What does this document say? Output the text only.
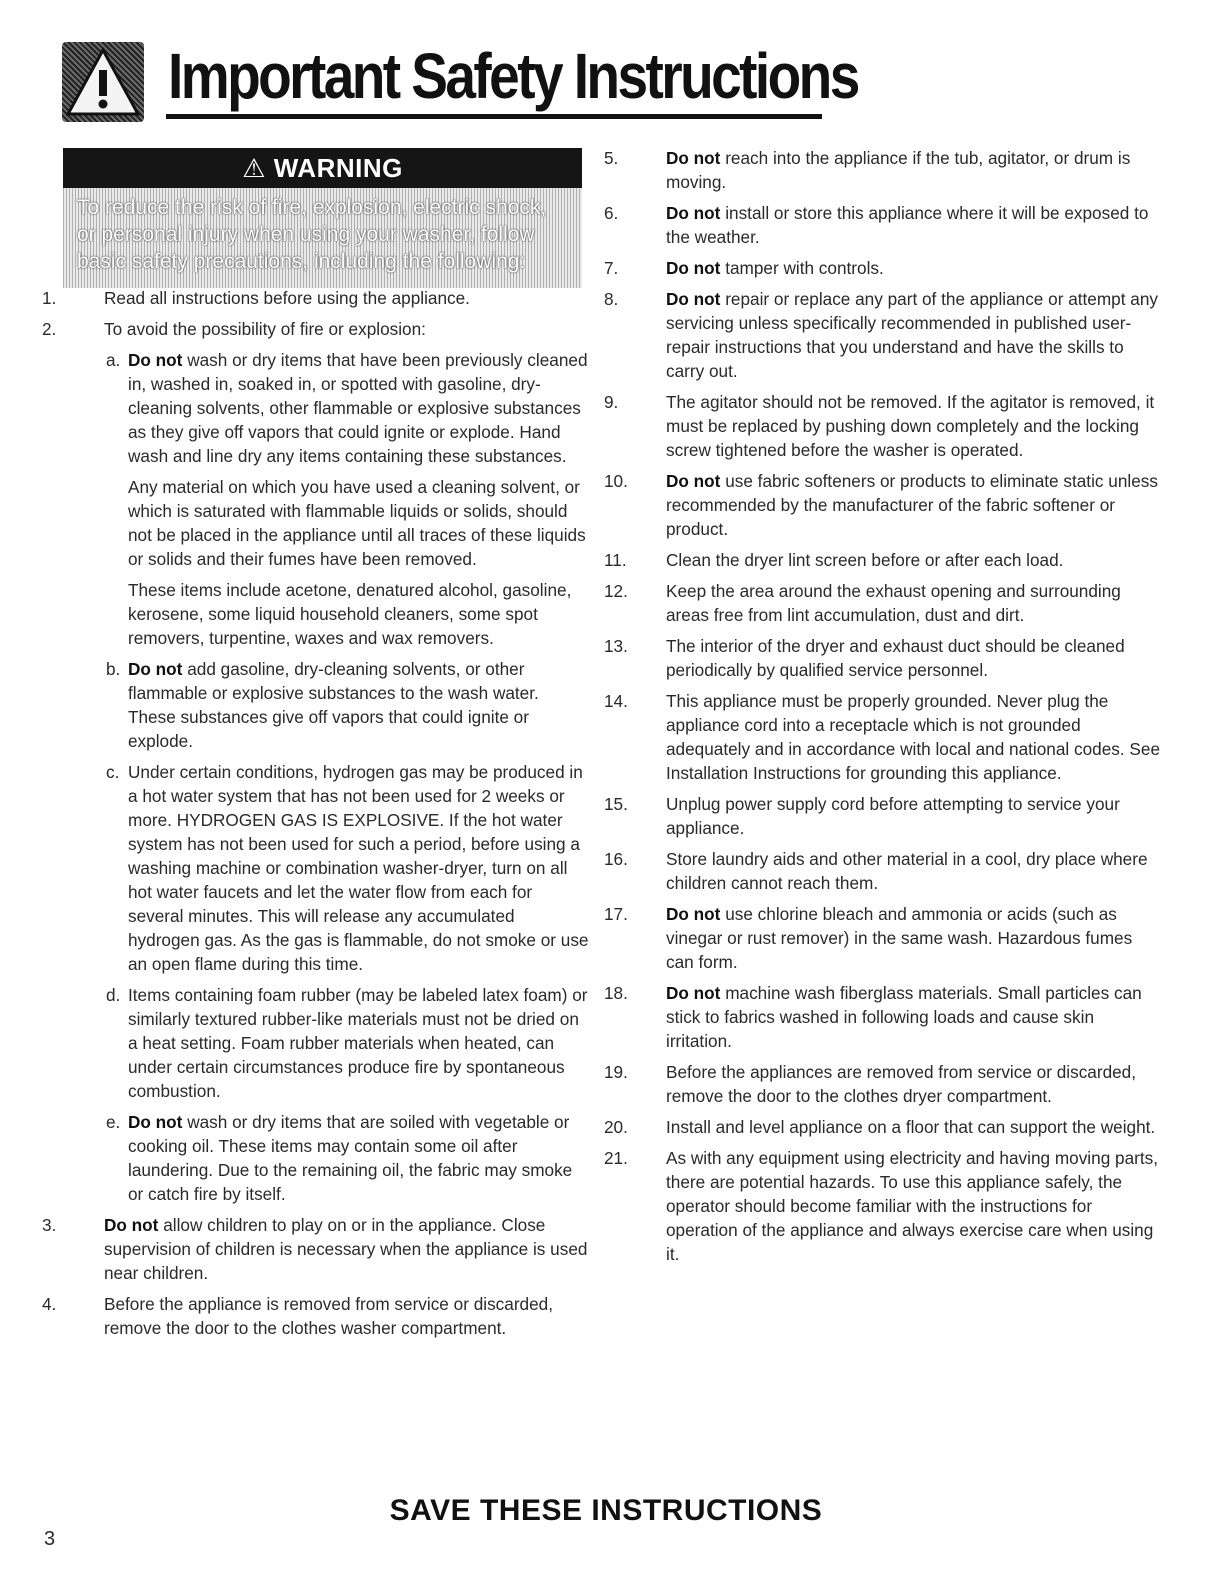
Important Safety Instructions
⚠ WARNING
To reduce the risk of fire, explosion, electric shock,
or personal injury when using your washer, follow
basic safety precautions, including the following:
1.	Read all instructions before using the appliance.
2.	To avoid the possibility of fire or explosion:
a. Do not wash or dry items that have been previously cleaned in, washed in, soaked in, or spotted with gasoline, dry-cleaning solvents, other flammable or explosive substances as they give off vapors that could ignite or explode. Hand wash and line dry any items containing these substances.
Any material on which you have used a cleaning solvent, or which is saturated with flammable liquids or solids, should not be placed in the appliance until all traces of these liquids or solids and their fumes have been removed.
These items include acetone, denatured alcohol, gasoline, kerosene, some liquid household cleaners, some spot removers, turpentine, waxes and wax removers.
b. Do not add gasoline, dry-cleaning solvents, or other flammable or explosive substances to the wash water. These substances give off vapors that could ignite or explode.
c. Under certain conditions, hydrogen gas may be produced in a hot water system that has not been used for 2 weeks or more. HYDROGEN GAS IS EXPLOSIVE. If the hot water system has not been used for such a period, before using a washing machine or combination washer-dryer, turn on all hot water faucets and let the water flow from each for several minutes. This will release any accumulated hydrogen gas. As the gas is flammable, do not smoke or use an open flame during this time.
d. Items containing foam rubber (may be labeled latex foam) or similarly textured rubber-like materials must not be dried on a heat setting. Foam rubber materials when heated, can under certain circumstances produce fire by spontaneous combustion.
e. Do not wash or dry items that are soiled with vegetable or cooking oil. These items may contain some oil after laundering. Due to the remaining oil, the fabric may smoke or catch fire by itself.
3.	Do not allow children to play on or in the appliance. Close supervision of children is necessary when the appliance is used near children.
4.	Before the appliance is removed from service or discarded, remove the door to the clothes washer compartment.
5.	Do not reach into the appliance if the tub, agitator, or drum is moving.
6.	Do not install or store this appliance where it will be exposed to the weather.
7.	Do not tamper with controls.
8.	Do not repair or replace any part of the appliance or attempt any servicing unless specifically recommended in published user-repair instructions that you understand and have the skills to carry out.
9.	The agitator should not be removed. If the agitator is removed, it must be replaced by pushing down completely and the locking screw tightened before the washer is operated.
10. Do not use fabric softeners or products to eliminate static unless recommended by the manufacturer of the fabric softener or product.
11. Clean the dryer lint screen before or after each load.
12. Keep the area around the exhaust opening and surrounding areas free from lint accumulation, dust and dirt.
13. The interior of the dryer and exhaust duct should be cleaned periodically by qualified service personnel.
14. This appliance must be properly grounded. Never plug the appliance cord into a receptacle which is not grounded adequately and in accordance with local and national codes. See Installation Instructions for grounding this appliance.
15. Unplug power supply cord before attempting to service your appliance.
16. Store laundry aids and other material in a cool, dry place where children cannot reach them.
17. Do not use chlorine bleach and ammonia or acids (such as vinegar or rust remover) in the same wash. Hazardous fumes can form.
18. Do not machine wash fiberglass materials. Small particles can stick to fabrics washed in following loads and cause skin irritation.
19. Before the appliances are removed from service or discarded, remove the door to the clothes dryer compartment.
20. Install and level appliance on a floor that can support the weight.
21. As with any equipment using electricity and having moving parts, there are potential hazards. To use this appliance safely, the operator should become familiar with the instructions for operation of the appliance and always exercise care when using it.
SAVE THESE INSTRUCTIONS
3
